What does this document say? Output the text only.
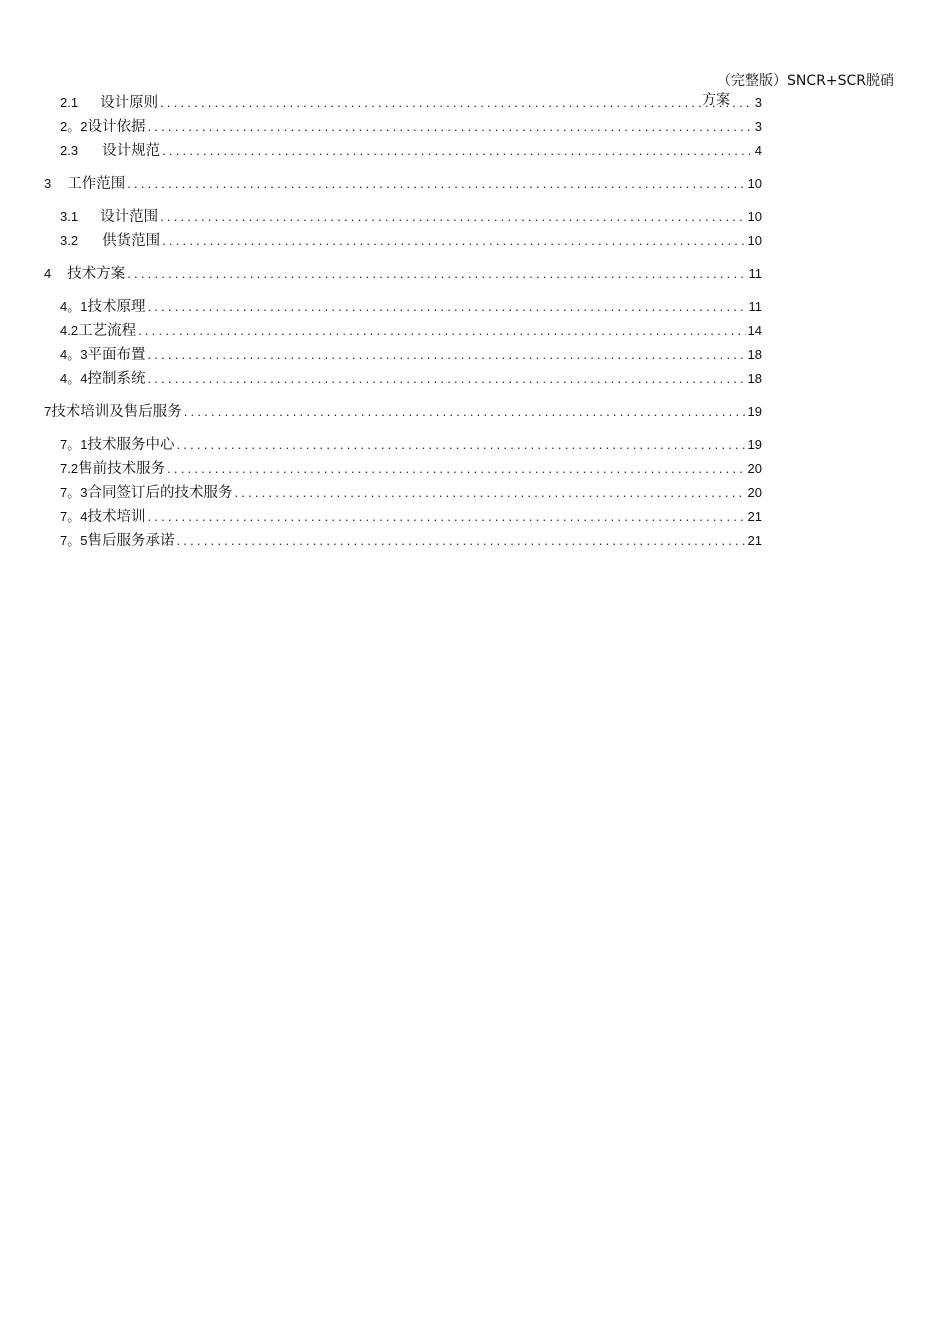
（完整版）SNCR+SCR脱硝
方案
2.1 设计原则 .....	3
2。2 设计依据 .....	3
2.3 设计规范 .....	4
3 工作范围 .....	10
3.1 设计范围 .....	10
3.2 供货范围 .....	10
4 技术方案 .....	11
4。1 技术原理 .....	11
4.2 工艺流程 .....	14
4。3 平面布置 .....	18
4。4 控制系统 .....	18
7 技术培训及售后服务 .....	19
7。1 技术服务中心 .....	19
7.2 售前技术服务 .....	20
7。3 合同签订后的技术服务 .....	20
7。4 技术培训 .....	21
7。5 售后服务承诺 .....	21
